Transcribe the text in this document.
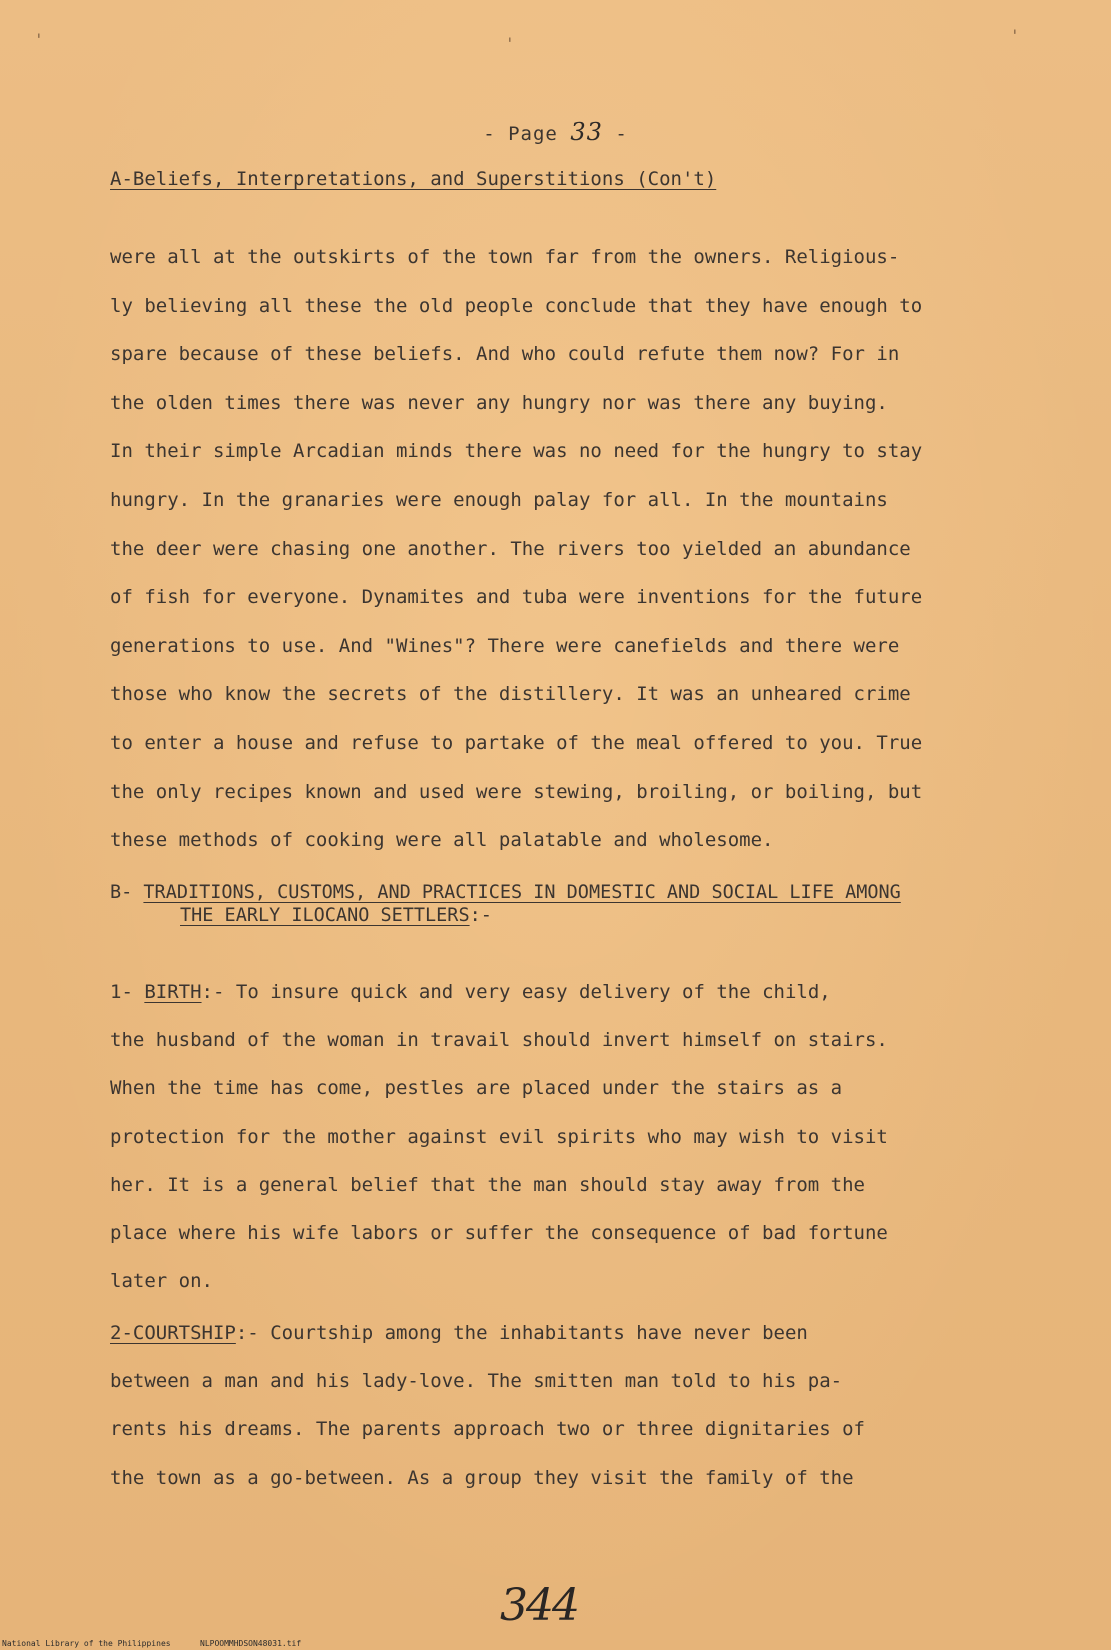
'	'	'
- Page 33 -
A-Beliefs, Interpretations, and Superstitions (Con't)
were all at the outskirts of the town far from the owners. Religious-
ly believing all these the old people conclude that they have enough to
spare because of these beliefs. And who could refute them now? For in
the olden times there was never any hungry nor was there any buying.
In their simple Arcadian minds there was no need for the hungry to stay
hungry. In the granaries were enough palay for all. In the mountains
the deer were chasing one another. The rivers too yielded an abundance
of fish for everyone. Dynamites and tuba were inventions for the future
generations to use. And "Wines"? There were canefields and there were
those who know the secrets of the distillery. It was an unheared crime
to enter a house and refuse to partake of the meal offered to you. True
the only recipes known and used were stewing, broiling, or boiling, but
these methods of cooking were all palatable and wholesome.
B- TRADITIONS, CUSTOMS, AND PRACTICES IN DOMESTIC AND SOCIAL LIFE AMONG
THE EARLY ILOCANO SETTLERS:-
1- BIRTH:- To insure quick and very easy delivery of the child,
the husband of the woman in travail should invert himself on stairs.
When the time has come, pestles are placed under the stairs as a
protection for the mother against evil spirits who may wish to visit
her. It is a general belief that the man should stay away from the
place where his wife labors or suffer the consequence of bad fortune
later on.
2-COURTSHIP:- Courtship among the inhabitants have never been
between a man and his lady-love. The smitten man told to his pa-
rents his dreams. The parents approach two or three dignitaries of
the town as a go-between. As a group they visit the family of the
344
National Library of the Philippines	NLPOOMMHDSON48031.tif
